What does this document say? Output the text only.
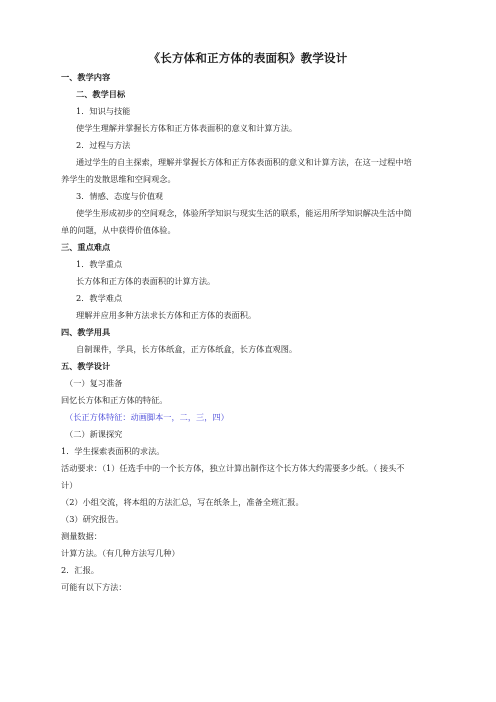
《长方体和正方体的表面积》教学设计
一、教学内容
二、教学目标
1．知识与技能
使学生理解并掌握长方体和正方体表面积的意义和计算方法。
2．过程与方法
通过学生的自主探索，理解并掌握长方体和正方体表面积的意义和计算方法，在这一过程中培
养学生的发散思维和空间观念。
3．情感、态度与价值观
使学生形成初步的空间观念，体验所学知识与现实生活的联系，能运用所学知识解决生活中简
单的问题，从中获得价值体验。
三、重点难点
1．教学重点
长方体和正方体的表面积的计算方法。
2．教学难点
理解并应用多种方法求长方体和正方体的表面积。
四、教学用具
自制课件，学具，长方体纸盒，正方体纸盒，长方体直观图。
五、教学设计
（一）复习准备
回忆长方体和正方体的特征。
（长正方体特征：动画脚本一，二，三，四）
（二）新课探究
1．学生探索表面积的求法。
活动要求：（1）任选手中的一个长方体，独立计算出制作这个长方体大约需要多少纸。（ 接头不
计）
（2）小组交流，将本组的方法汇总，写在纸条上，准备全班汇报。
（3）研究报告。
测量数据：
计算方法。（有几种方法写几种）
2．汇报。
可能有以下方法：
